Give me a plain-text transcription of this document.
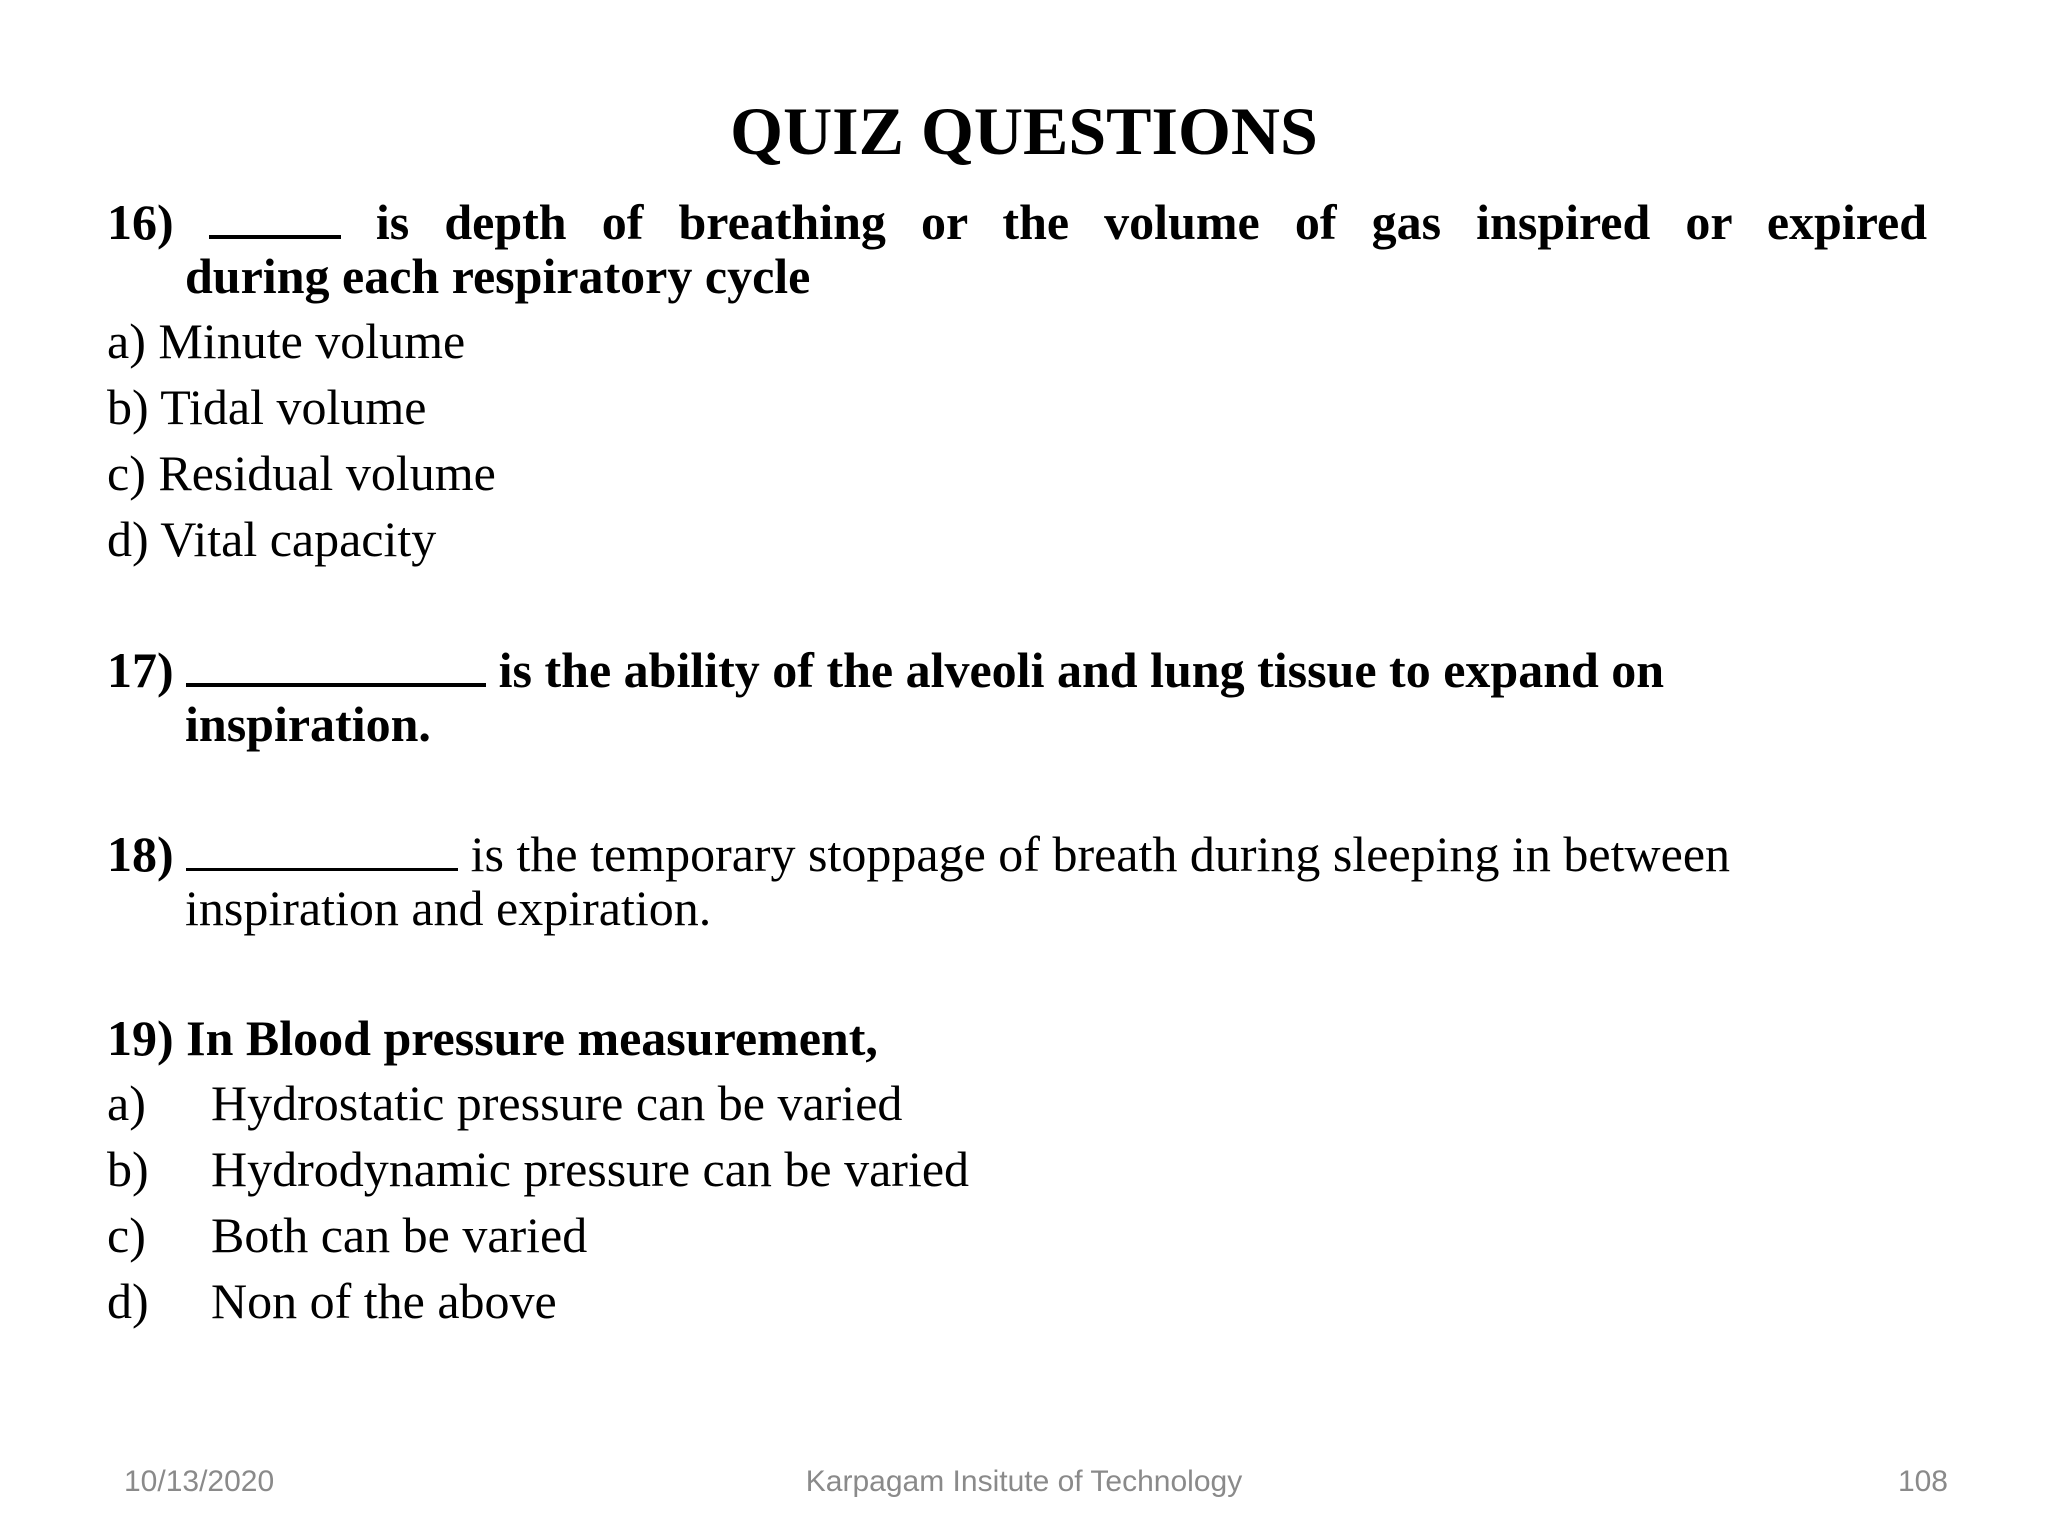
QUIZ QUESTIONS
16)	is depth of breathing or the volume of gas inspired or expired
during each respiratory cycle
a) Minute volume
b) Tidal volume
c) Residual volume
d) Vital capacity
17)	is the ability of the alveoli and lung tissue to expand on
inspiration.
18)	is the temporary stoppage of breath during sleeping in between
inspiration and expiration.
19) In Blood pressure measurement,
a) Hydrostatic pressure can be varied
b) Hydrodynamic pressure can be varied
c) Both can be varied
d) Non of the above
10/13/2020	Karpagam Insitute of Technology	108
